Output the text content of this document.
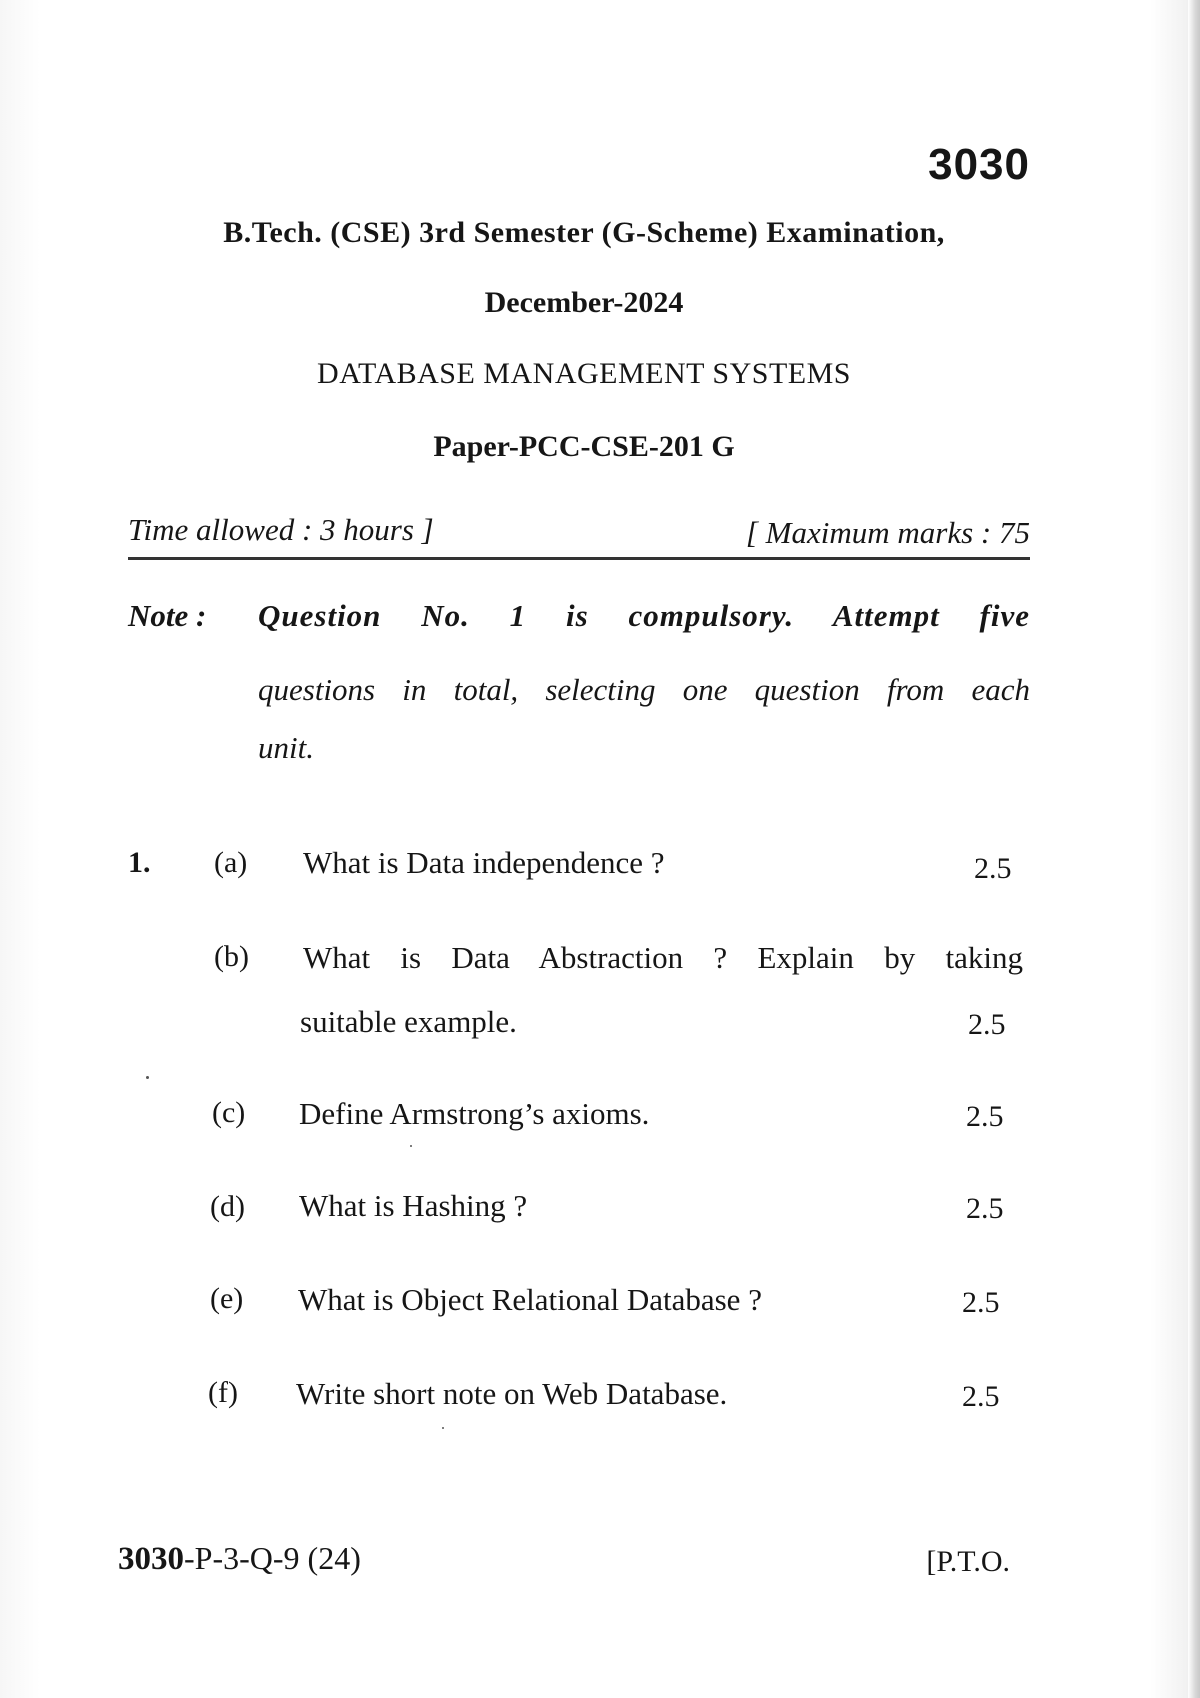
3030
B.Tech. (CSE) 3rd Semester (G-Scheme) Examination,
December-2024
DATABASE MANAGEMENT SYSTEMS
Paper-PCC-CSE-201 G
Time allowed : 3 hours ]	[ Maximum marks : 75
Note : Question No. 1 is compulsory. Attempt five
questions in total, selecting one question from each
unit.
1. (a) What is Data independence ?	2.5
(b) What is Data Abstraction ? Explain by taking
suitable example.	2.5
(c) Define Armstrong’s axioms.	2.5
(d) What is Hashing ?	2.5
(e) What is Object Relational Database ?	2.5
(f) Write short note on Web Database.	2.5
3030-P-3-Q-9 (24)	[P.T.O.
